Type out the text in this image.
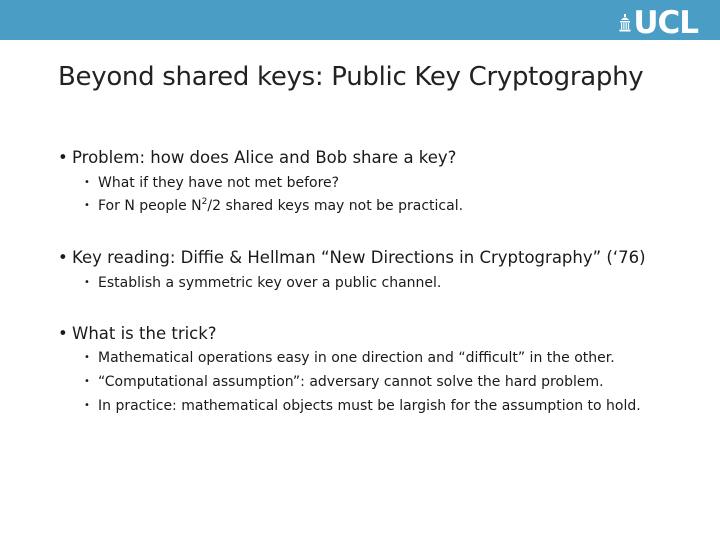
UCL
Beyond shared keys: Public Key Cryptography
• Problem: how does Alice and Bob share a key?
• What if they have not met before?
• For N people $N^2/2$ shared keys may not be practical.
• Key reading: Diffie & Hellman “New Directions in Cryptography” (‘76)
• Establish a symmetric key over a public channel.
• What is the trick?
• Mathematical operations easy in one direction and “difficult” in the other.
• “Computational assumption”: adversary cannot solve the hard problem.
• In practice: mathematical objects must be largish for the assumption to hold.
